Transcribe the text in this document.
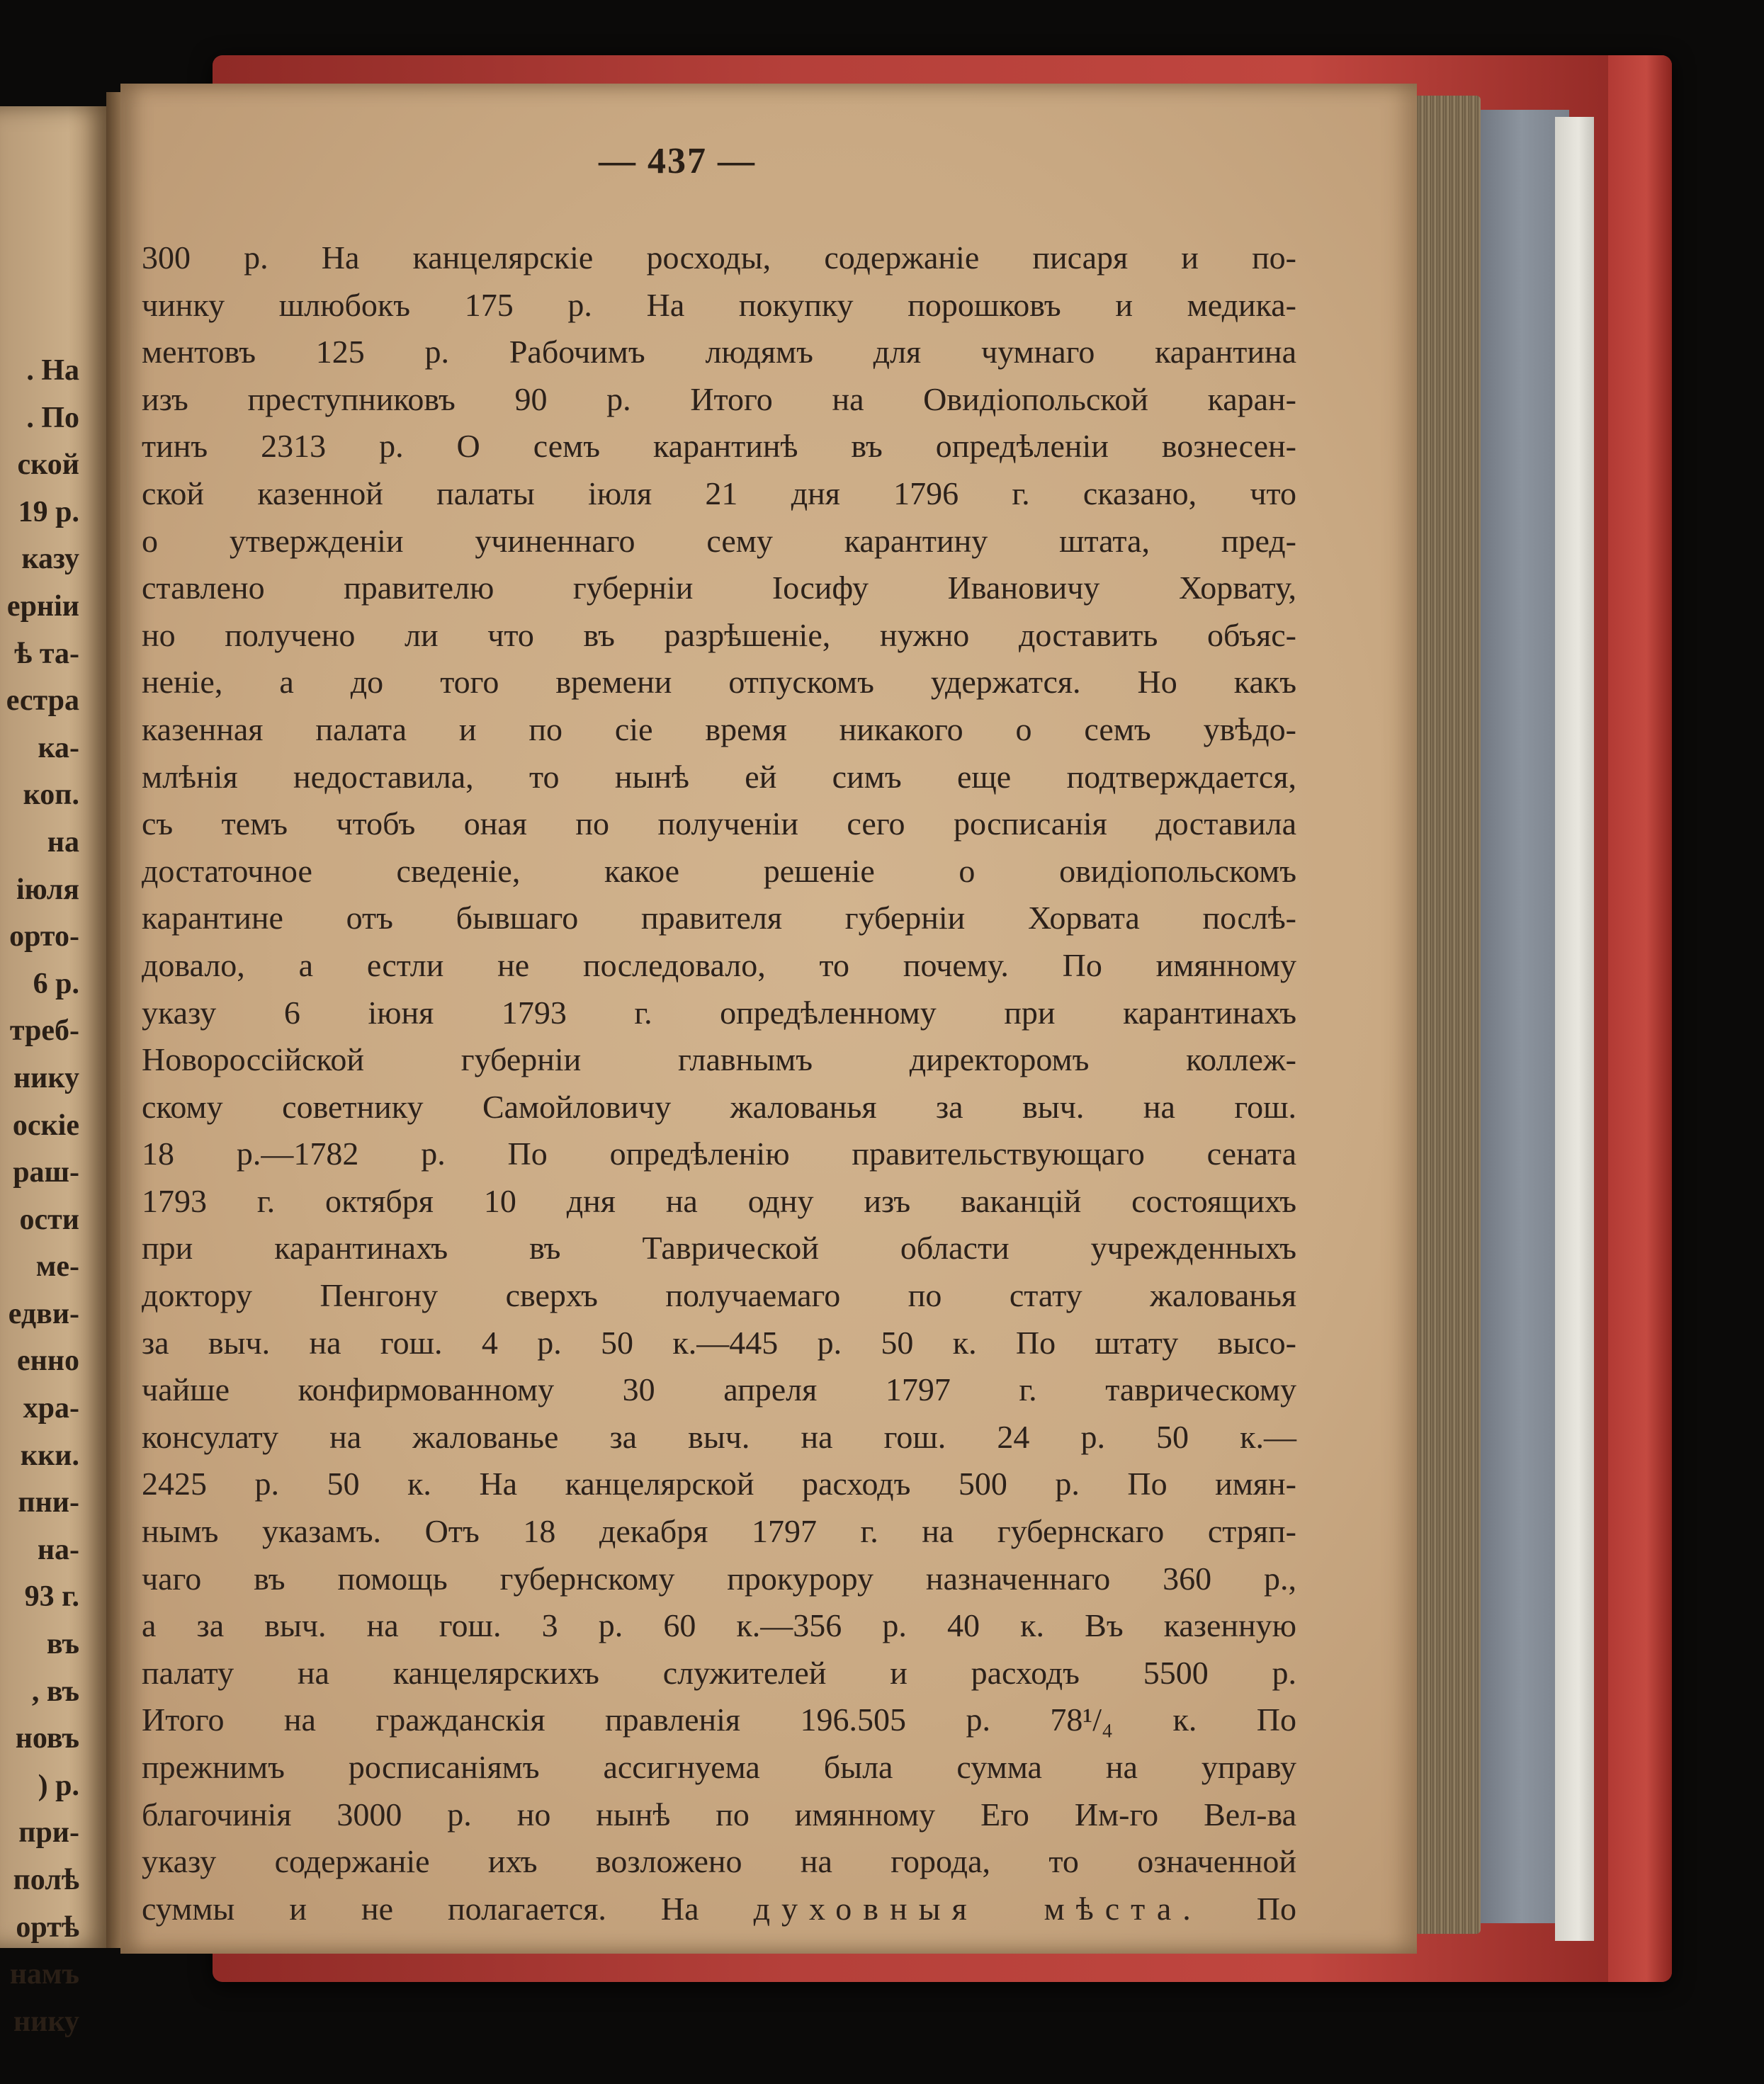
. На
. По
ской
19 р.
казу
ерніи
ѣ та-
естра
ка-
коп.
на
іюля
орто-
6 р.
треб-
нику
оскіе
раш-
ости
ме-
едви-
енно
хра-
кки.
пни-
на-
93 г.
въ
, въ
новъ
) р.
при-
полѣ
ортѣ
намъ
нику
— 437 —
300 р. На канцелярскіе росходы, содержаніе писаря и по-
чинку шлюбокъ 175 р. На покупку порошковъ и медика-
ментовъ 125 р. Рабочимъ людямъ для чумнаго карантина
изъ преступниковъ 90 р. Итого на Овидіопольской каран-
тинъ 2313 р. О семъ карантинѣ въ опредѣленіи вознесен-
ской казенной палаты іюля 21 дня 1796 г. сказано, что
о утвержденіи учиненнаго сему карантину штата, пред-
ставлено правителю губерніи Іосифу Ивановичу Хорвату,
но получено ли что въ разрѣшеніе, нужно доставить объяс-
неніе, а до того времени отпускомъ удержатся. Но какъ
казенная палата и по сіе время никакого о семъ увѣдо-
млѣнія недоставила, то нынѣ ей симъ еще подтверждается,
съ темъ чтобъ оная по полученіи сего росписанія доставила
достаточное сведеніе, какое решеніе о овидіопольскомъ
карантине отъ бывшаго правителя губерніи Хорвата послѣ-
довало, а естли не последовало, то почему. По имянному
указу 6 іюня 1793 г. опредѣленному при карантинахъ
Новороссійской губерніи главнымъ директоромъ коллеж-
скому советнику Самойловичу жалованья за выч. на гош.
18 р.—1782 р. По опредѣленію правительствующаго сената
1793 г. октября 10 дня на одну изъ ваканцій состоящихъ
при карантинахъ въ Таврической области учрежденныхъ
доктору Пенгону сверхъ получаемаго по стату жалованья
за выч. на гош. 4 р. 50 к.—445 р. 50 к. По штату высо-
чайше конфирмованному 30 апреля 1797 г. таврическому
консулату на жалованье за выч. на гош. 24 р. 50 к.—
2425 р. 50 к. На канцелярской расходъ 500 р. По имян-
нымъ указамъ. Отъ 18 декабря 1797 г. на губернскаго стряп-
чаго въ помощь губернскому прокурору назначеннаго 360 р.,
а за выч. на гош. 3 р. 60 к.—356 р. 40 к. Въ казенную
палату на канцелярскихъ служителей и расходъ 5500 р.
Итого на гражданскія правленія 196.505 р. 78¹/₄ к. По
прежнимъ росписаніямъ ассигнуема была сумма на управу
благочинія 3000 р. но нынѣ по имянному Его Им-го Вел-ва
указу содержаніе ихъ возложено на города, то означенной
суммы и не полагается. На духовныя мѣста. По
